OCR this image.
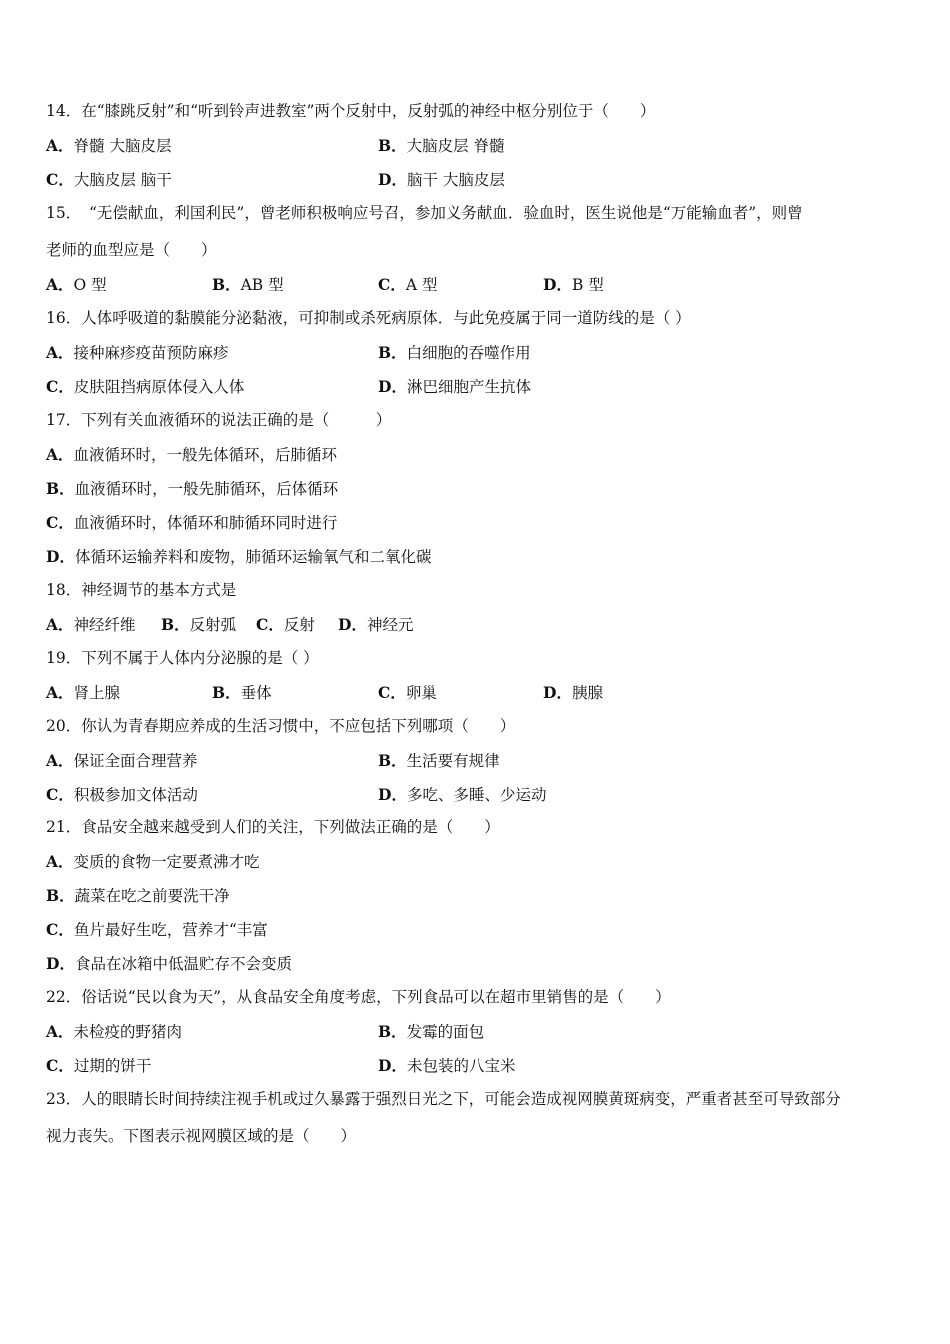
14．在“膝跳反射”和“听到铃声进教室”两个反射中，反射弧的神经中枢分别位于（　　）
A．脊髓 大脑皮层	B．大脑皮层 脊髓
C．大脑皮层 脑干	D．脑干 大脑皮层
15．　“无偿献血，利国利民”，曾老师积极响应号召，参加义务献血．验血时，医生说他是“万能输血者”，则曾
老师的血型应是（　　）
A．O 型	B．AB 型	C．A 型	D．B 型
16．人体呼吸道的黏膜能分泌黏液，可抑制或杀死病原体．与此免疫属于同一道防线的是（ ）
A．接种麻疹疫苗预防麻疹	B．白细胞的吞噬作用
C．皮肤阻挡病原体侵入人体	D．淋巴细胞产生抗体
17．下列有关血液循环的说法正确的是（　　　）
A．血液循环时，一般先体循环，后肺循环
B．血液循环时，一般先肺循环，后体循环
C．血液循环时，体循环和肺循环同时进行
D．体循环运输养料和废物，肺循环运输氧气和二氧化碳
18．神经调节的基本方式是
A．神经纤维 B．反射弧 C．反射 D．神经元
19．下列不属于人体内分泌腺的是（ ）
A．肾上腺	B．垂体	C．卵巢	D．胰腺
20．你认为青春期应养成的生活习惯中，不应包括下列哪项（　　）
A．保证全面合理营养	B．生活要有规律
C．积极参加文体活动	D．多吃、多睡、少运动
21．食品安全越来越受到人们的关注，下列做法正确的是（　　）
A．变质的食物一定要煮沸才吃
B．蔬菜在吃之前要洗干净
C．鱼片最好生吃，营养才“丰富
D．食品在冰箱中低温贮存不会变质
22．俗话说“民以食为天”，从食品安全角度考虑，下列食品可以在超市里销售的是（　　）
A．未检疫的野猪肉	B．发霉的面包
C．过期的饼干	D．未包装的八宝米
23．人的眼睛长时间持续注视手机或过久暴露于强烈日光之下，可能会造成视网膜黄斑病变，严重者甚至可导致部分
视力丧失。下图表示视网膜区域的是（　　）
